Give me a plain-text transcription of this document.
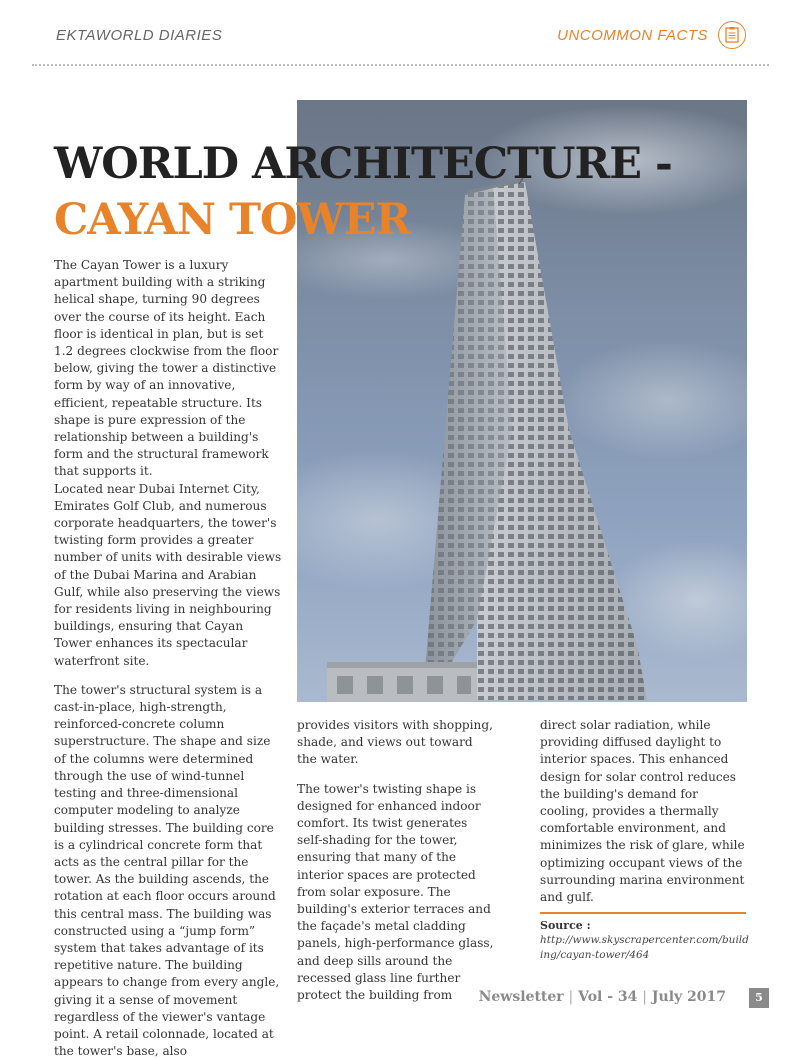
EKTAWORLD DIARIES	UNCOMMON FACTS
WORLD ARCHITECTURE -
CAYAN TOWER

The Cayan Tower is a luxury apartment building with a striking helical shape, turning 90 degrees over the course of its height. Each floor is identical in plan, but is set 1.2 degrees clockwise from the floor below, giving the tower a distinctive form by way of an innovative, efficient, repeatable structure. Its shape is pure expression of the relationship between a building's form and the structural framework that supports it.

Located near Dubai Internet City, Emirates Golf Club, and numerous corporate headquarters, the tower's twisting form provides a greater number of units with desirable views of the Dubai Marina and Arabian Gulf, while also preserving the views for residents living in neighbouring buildings, ensuring that Cayan Tower enhances its spectacular waterfront site.

The tower's structural system is a cast-in-place, high-strength, reinforced-concrete column superstructure. The shape and size of the columns were determined through the use of wind-tunnel testing and three-dimensional computer modeling to analyze building stresses. The building core is a cylindrical concrete form that acts as the central pillar for the tower. As the building ascends, the rotation at each floor occurs around this central mass. The building was constructed using a “jump form” system that takes advantage of its repetitive nature. The building appears to change from every angle, giving it a sense of movement regardless of the viewer's vantage point. A retail colonnade, located at the tower's base, also

provides visitors with shopping, shade, and views out toward the water.

The tower's twisting shape is designed for enhanced indoor comfort. Its twist generates self-shading for the tower, ensuring that many of the interior spaces are protected from solar exposure. The building's exterior terraces and the façade's metal cladding panels, high-performance glass, and deep sills around the recessed glass line further protect the building from

direct solar radiation, while providing diffused daylight to interior spaces. This enhanced design for solar control reduces the building's demand for cooling, provides a thermally comfortable environment, and minimizes the risk of glare, while optimizing occupant views of the surrounding marina environment and gulf.

Source :
http://www.skyscrapercenter.com/building/cayan-tower/464
Newsletter | Vol - 34 | July 2017	5
